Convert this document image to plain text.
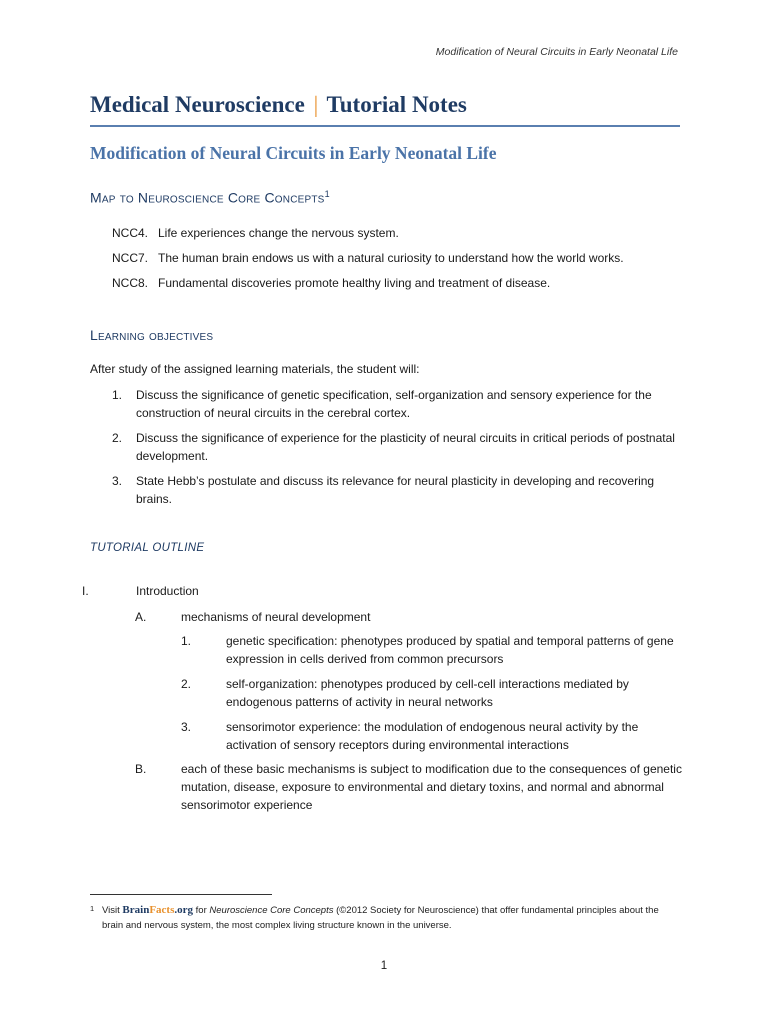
Modification of Neural Circuits in Early Neonatal Life
Medical Neuroscience | Tutorial Notes
Modification of Neural Circuits in Early Neonatal Life
Map to Neuroscience Core Concepts$^1$
NCC4. Life experiences change the nervous system.
NCC7. The human brain endows us with a natural curiosity to understand how the world works.
NCC8. Fundamental discoveries promote healthy living and treatment of disease.
Learning objectives
After study of the assigned learning materials, the student will:
1.	Discuss the significance of genetic specification, self-organization and sensory experience for the construction of neural circuits in the cerebral cortex.
2.	Discuss the significance of experience for the plasticity of neural circuits in critical periods of postnatal development.
3.	State Hebb’s postulate and discuss its relevance for neural plasticity in developing and recovering brains.
TUTORIAL OUTLINE
I.	Introduction
A.	mechanisms of neural development
1.	genetic specification: phenotypes produced by spatial and temporal patterns of gene expression in cells derived from common precursors
2.	self-organization: phenotypes produced by cell-cell interactions mediated by endogenous patterns of activity in neural networks
3.	sensorimotor experience: the modulation of endogenous neural activity by the activation of sensory receptors during environmental interactions
B.	each of these basic mechanisms is subject to modification due to the consequences of genetic mutation, disease, exposure to environmental and dietary toxins, and normal and abnormal sensorimotor experience
1 Visit BrainFacts.org for Neuroscience Core Concepts (©2012 Society for Neuroscience) that offer fundamental principles about the brain and nervous system, the most complex living structure known in the universe.
1
